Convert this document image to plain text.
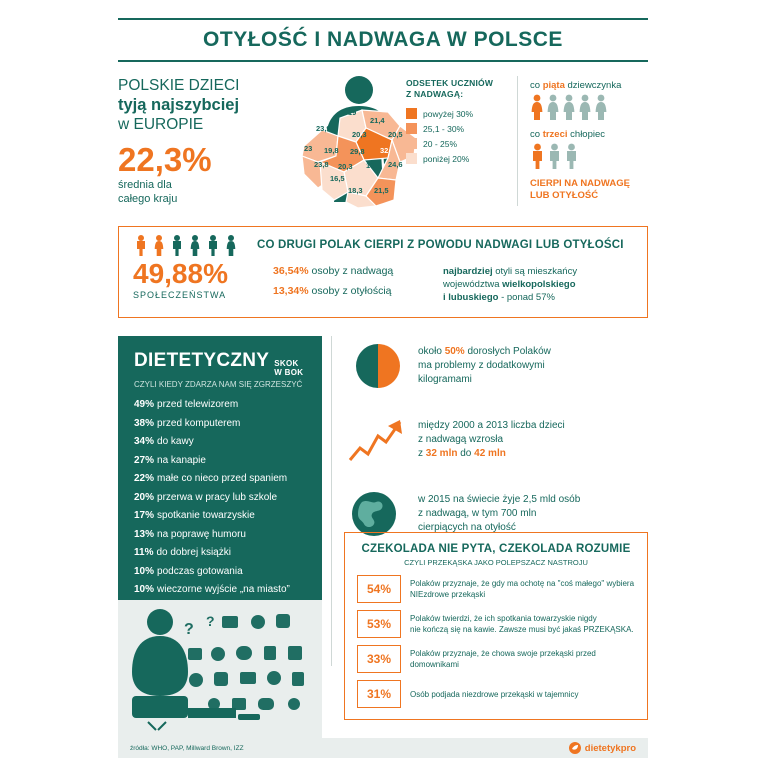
OTYŁOŚĆ I NADWAGA W POLSCE
POLSKIE DZIECI
tyją najszybciej
w EUROPIE
22,3%
średnia dla
całego kraju
23,9
19
21,4
20,3	20,5
23 19,8 29,8 32
23,8 20,3 18 24,6
16,5
18,3 21,5
ODSETEK UCZNIÓW
Z NADWAGĄ:
powyżej 30%
25,1 - 30%
20 - 25%
poniżej 20%
co piąta dziewczynka
co trzeci chłopiec
CIERPI NA NADWAGĘ
LUB OTYŁOŚĆ
CO DRUGI POLAK CIERPI Z POWODU NADWAGI LUB OTYŁOŚCI
49,88%
SPOŁECZEŃSTWA
36,54% osoby z nadwagą
13,34% osoby z otyłością
najbardziej otyli są mieszkańcy
województwa wielkopolskiego
i lubuskiego - ponad 57%
DIETETYCZNY SKOK
W BOK
CZYLI KIEDY ZDARZA NAM SIĘ ZGRZESZYĆ
49% przed telewizorem
38% przed komputerem
34% do kawy
27% na kanapie
22% małe co nieco przed spaniem
20% przerwa w pracy lub szkole
17% spotkanie towarzyskie
13% na poprawę humoru
11% do dobrej książki
10% podczas gotowania
10% wieczorne wyjście „na miasto”
? ?
około 50% dorosłych Polaków
ma problemy z dodatkowymi
kilogramami
między 2000 a 2013 liczba dzieci
z nadwagą wzrosła
z 32 mln do 42 mln
w 2015 na świecie żyje 2,5 mld osób
z nadwagą, w tym 700 mln
cierpiących na otyłość
CZEKOLADA NIE PYTA, CZEKOLADA ROZUMIE
CZYLI PRZEKĄSKA JAKO POLEPSZACZ NASTROJU
54%	Polaków przyznaje, że gdy ma ochotę na "coś małego" wybiera
NIEzdrowe przekąski
53%	Polaków twierdzi, że ich spotkania towarzyskie nigdy
nie kończą się na kawie. Zawsze musi być jakaś PRZEKĄSKA.
33%	Polaków przyznaje, że chowa swoje przekąski przed domownikami
31%	Osób podjada niezdrowe przekąski w tajemnicy
źródła: WHO, PAP, Millward Brown, IZZ	dietetykpro
